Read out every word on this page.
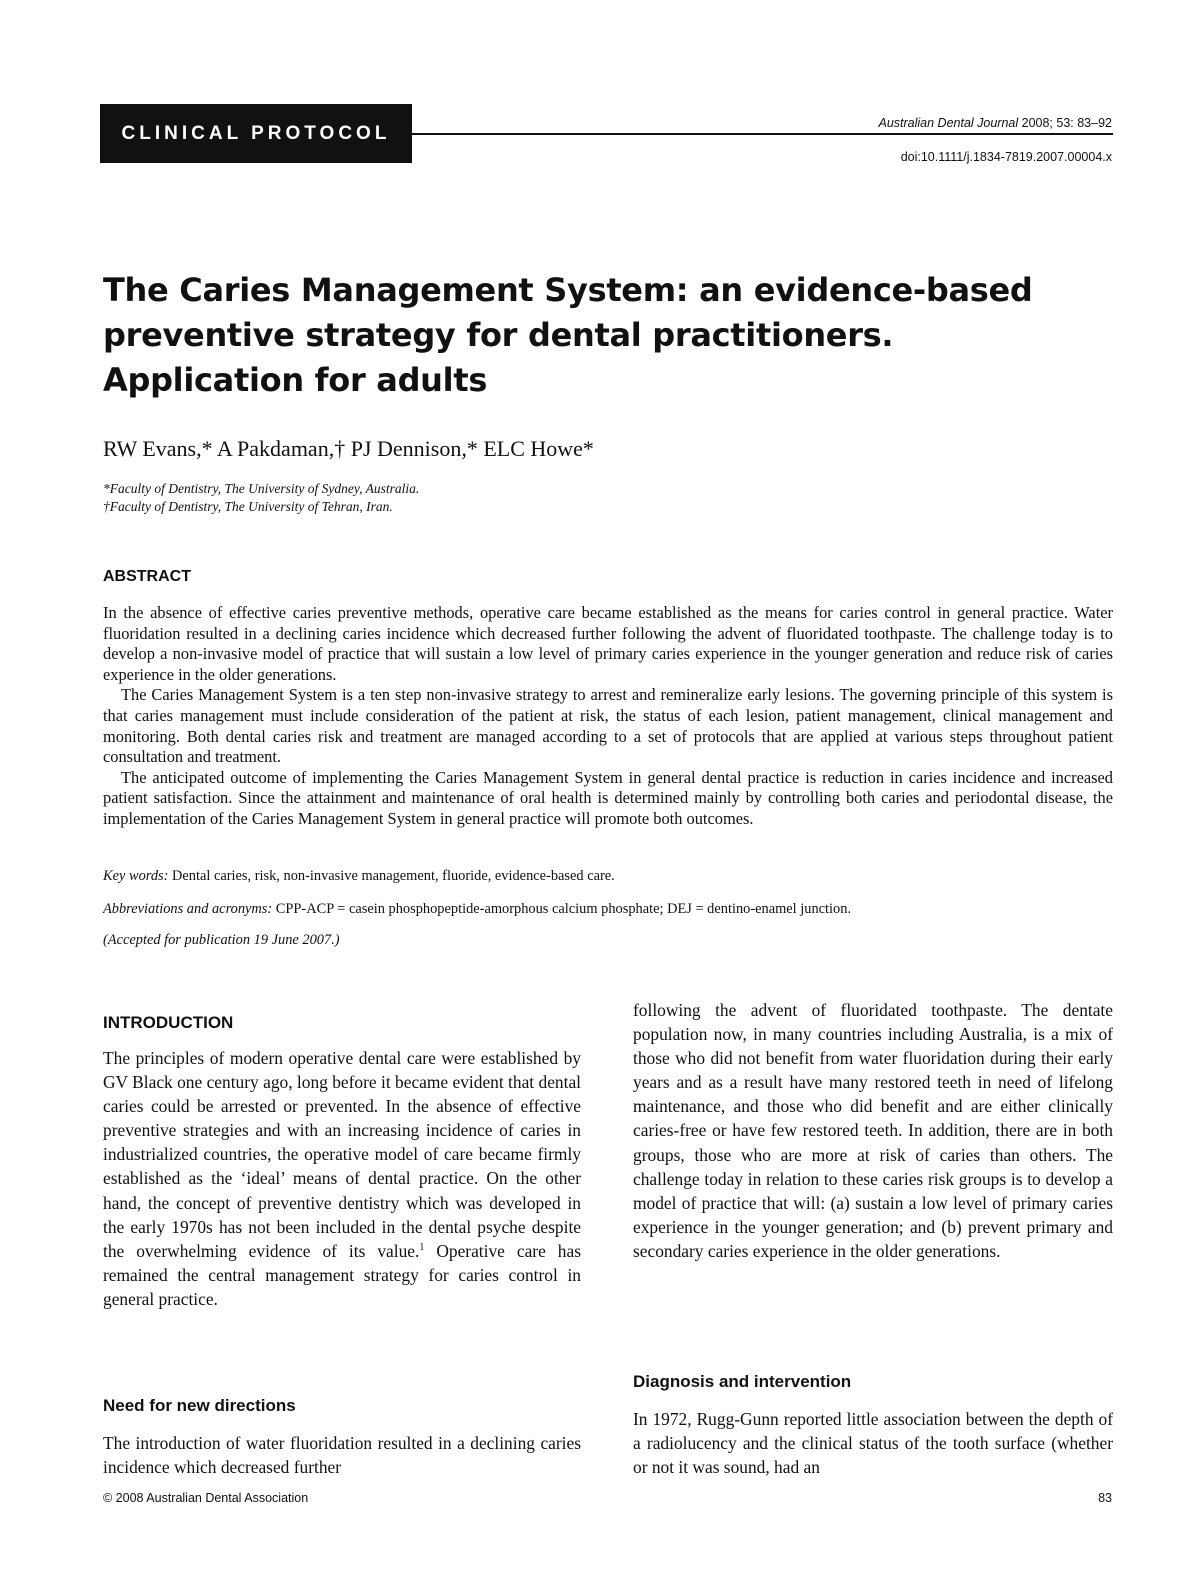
CLINICAL PROTOCOL	Australian Dental Journal 2008; 53: 83–92
doi:10.1111/j.1834-7819.2007.00004.x
The Caries Management System: an evidence-based preventive strategy for dental practitioners. Application for adults
RW Evans,* A Pakdaman,† PJ Dennison,* ELC Howe*
*Faculty of Dentistry, The University of Sydney, Australia.
†Faculty of Dentistry, The University of Tehran, Iran.
ABSTRACT

In the absence of effective caries preventive methods, operative care became established as the means for caries control in general practice. Water fluoridation resulted in a declining caries incidence which decreased further following the advent of fluoridated toothpaste. The challenge today is to develop a non-invasive model of practice that will sustain a low level of primary caries experience in the younger generation and reduce risk of caries experience in the older generations.

The Caries Management System is a ten step non-invasive strategy to arrest and remineralize early lesions. The governing principle of this system is that caries management must include consideration of the patient at risk, the status of each lesion, patient management, clinical management and monitoring. Both dental caries risk and treatment are managed according to a set of protocols that are applied at various steps throughout patient consultation and treatment.

The anticipated outcome of implementing the Caries Management System in general dental practice is reduction in caries incidence and increased patient satisfaction. Since the attainment and maintenance of oral health is determined mainly by controlling both caries and periodontal disease, the implementation of the Caries Management System in general practice will promote both outcomes.

Key words: Dental caries, risk, non-invasive management, fluoride, evidence-based care.
Abbreviations and acronyms: CPP-ACP = casein phosphopeptide-amorphous calcium phosphate; DEJ = dentino-enamel junction.
(Accepted for publication 19 June 2007.)
INTRODUCTION

The principles of modern operative dental care were established by GV Black one century ago, long before it became evident that dental caries could be arrested or prevented. In the absence of effective preventive strategies and with an increasing incidence of caries in industrialized countries, the operative model of care became firmly established as the ‘ideal’ means of dental practice. On the other hand, the concept of preventive dentistry which was developed in the early 1970s has not been included in the dental psyche despite the overwhelming evidence of its value.$^1$ Operative care has remained the central management strategy for caries control in general practice.

Need for new directions

The introduction of water fluoridation resulted in a declining caries incidence which decreased further

following the advent of fluoridated toothpaste. The dentate population now, in many countries including Australia, is a mix of those who did not benefit from water fluoridation during their early years and as a result have many restored teeth in need of lifelong maintenance, and those who did benefit and are either clinically caries-free or have few restored teeth. In addition, there are in both groups, those who are more at risk of caries than others. The challenge today in relation to these caries risk groups is to develop a model of practice that will: (a) sustain a low level of primary caries experience in the younger generation; and (b) prevent primary and secondary caries experience in the older generations.

Diagnosis and intervention

In 1972, Rugg-Gunn reported little association between the depth of a radiolucency and the clinical status of the tooth surface (whether or not it was sound, had an

© 2008 Australian Dental Association	83
